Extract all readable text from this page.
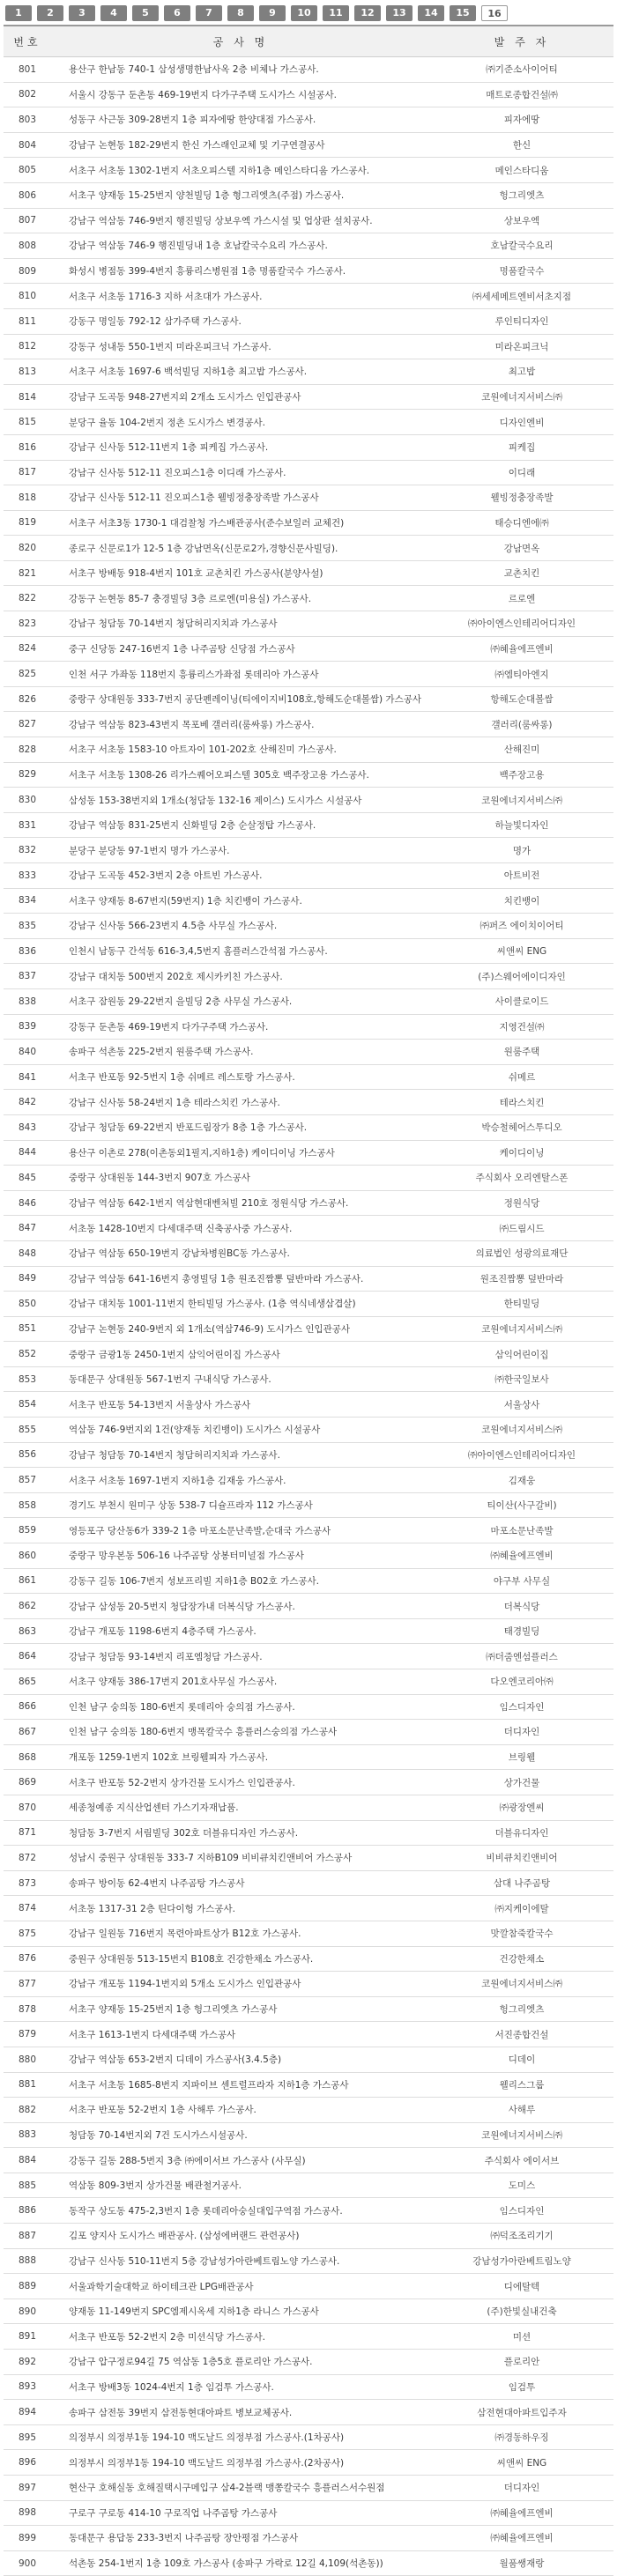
1	2	3	4	5	6	7	8	9	10	11	12	13	14	15	16
번호	공 사 명	발 주 자
801	용산구 한남동 740-1 삼성생명한남사옥 2층 비체나 가스공사.	㈜기준소사이어티
802	서울시 강동구 둔촌동 469-19번지 다가구주택 도시가스 시설공사.	매트로종합건설㈜
803	성동구 사근동 309-28번지 1층 피자에땅 한양대점 가스공사.	피자에땅
804	강남구 논현동 182-29번지 한신 가스래인교체 및 기구연결공사	한신
805	서초구 서초동 1302-1번지 서초오피스텔 지하1층 메인스타디움 가스공사.	메인스타디움
806	서초구 양재동 15-25번지 양천빌딩 1층 형그리엣츠(주점) 가스공사.	헝그리엣츠
807	강남구 역삼동 746-9번지 행진빌딩 상보우엑 가스시설 및 업상판 설치공사.	상보우엑
808	강남구 역삼동 746-9 행진빌딩내 1층 호남칼국수요리 가스공사.	호남칼국수요리
809	화성시 병점동 399-4번지 흥륭리스병원점 1층 명품칼국수 가스공사.	명품칼국수
810	서초구 서초동 1716-3 지하 서초대가 가스공사.	㈜세세메트엔비서초지점
811	강동구 명일동 792-12 삼가주택 가스공사.	루인티디자인
812	강동구 성내동 550-1번지 미라온피크닉 가스공사.	미라온피크닉
813	서초구 서초동 1697-6 백석빌딩 지하1층 최고밥 가스공사.	최고밥
814	강남구 도곡동 948-27번지외 2개소 도시가스 인입관공사	코원에너지서비스㈜
815	분당구 율동 104-2번지 정촌 도시가스 변경공사.	디자인엔비
816	강남구 신사동 512-11번지 1층 피케집 가스공사.	피케집
817	강남구 신사동 512-11 진오피스1층 이디래 가스공사.	이디래
818	강남구 신사동 512-11 진오피스1층 웰빙정충장족발 가스공사	웰빙정충장족발
819	서초구 서초3동 1730-1 대검찰청 가스배관공사(준수보일러 교체건)	태승디엔에㈜
820	종로구 신문로1가 12-5 1층 강남면옥(신문로2가,경향신문사빌딩).	강남면옥
821	서초구 방배동 918-4번지 101호 교촌치킨 가스공사(분양사설)	교촌치킨
822	강동구 논현동 85-7 충경빌딩 3층 르로엔(미용실) 가스공사.	르로엔
823	강남구 청담동 70-14번지 청담허리지치과 가스공사	㈜아이엔스인테리어디자인
824	중구 신당동 247-16번지 1층 나주곰탕 신당점 가스공사	㈜혜율에프엔비
825	인천 서구 가좌동 118번지 흥륭리스가좌점 롯데리아 가스공사	㈜엠티아엔지
826	중랑구 상대원동 333-7번지 공단펜레이닝(티에이지비108호,항해도순대볼쌈) 가스공사	항해도순대볼쌈
827	강남구 역삼동 823-43번지 목포베 갤러리(룸싸롱) 가스공사.	갤러리(룸싸롱)
828	서초구 서초동 1583-10 아트자이 101-202호 산해진미 가스공사.	산해진미
829	서초구 서초동 1308-26 리가스퀘어오피스텔 305호 백주장고용 가스공사.	백주장고용
830	삼성동 153-38번지외 1개소(청담동 132-16 제이스) 도시가스 시설공사	코원에너지서비스㈜
831	강남구 역삼동 831-25번지 신화빌딩 2층 순살정탑 가스공사.	하늘빛디자인
832	분당구 분당동 97-1번지 명가 가스공사.	명가
833	강남구 도곡동 452-3번지 2층 아트빈 가스공사.	아트비전
834	서초구 양재동 8-67번지(59번지) 1층 치킨뱅이 가스공사.	치킨뱅이
835	강남구 신사동 566-23번지 4.5층 사무실 가스공사.	㈜퍼즈 에이치이어티
836	인천시 남동구 간석동 616-3,4,5번지 홈플러스간석점 가스공사.	씨앤씨 ENG
837	강남구 대치동 500번지 202호 제시카키친 가스공사.	(주)스웨어에이디자인
838	서초구 잠원동 29-22번지 을빌딩 2층 사무실 가스공사.	사이클로이드
839	강동구 둔촌동 469-19번지 다가구주택 가스공사.	지영건설㈜
840	송파구 석촌동 225-2번지 원룸주택 가스공사.	원룸주택
841	서초구 반포동 92-5번지 1층 쉬메르 레스토랑 가스공사.	쉬메르
842	강남구 신사동 58-24번지 1층 테라스치킨 가스공사.	테라스치킨
843	강남구 청담동 69-22번지 반포드림장가 8층 1층 가스공사.	박승철헤어스투디오
844	용산구 이촌로 278(이촌동외1필지,지하1층) 케이디이닝 가스공사	케이디이닝
845	중랑구 상대원동 144-3번지 907호 가스공사	주식회사 오리엔탈스폰
846	강남구 역삼동 642-1번지 역삼현대벤처빌 210호 정원식당 가스공사.	정원식당
847	서초동 1428-10번지 다세대주택 신축공사중 가스공사.	㈜드림시드
848	강남구 역삼동 650-19번지 강남차병원BC동 가스공사.	의료법인 성광의료재단
849	강남구 역삼동 641-16번지 총영빌딩 1층 원조진짬뽕 덮반마라 가스공사.	원조진짬뽕 덮반마라
850	강남구 대치동 1001-11번지 한티빌딩 가스공사. (1층 역식네생삼겹살)	한티빌딩
851	강남구 논현동 240-9번지 외 1개소(역삼746-9) 도시가스 인입관공사	코원에너지서비스㈜
852	중랑구 금광1동 2450-1번지 삼익어린이집 가스공사	삼익어린이집
853	동대문구 상대원동 567-1번지 구내식당 가스공사.	㈜한국일보사
854	서초구 반포동 54-13번지 서울상사 가스공사	서울상사
855	역삼동 746-9번지외 1건(양재동 치킨뱅이) 도시가스 시설공사	코원에너지서비스㈜
856	강남구 청담동 70-14번지 청담허리지치과 가스공사.	㈜아이엔스인테리어디자인
857	서초구 서초동 1697-1번지 지하1층 김재웅 가스공사.	김재웅
858	경기도 부천시 원미구 상동 538-7 디슐프라자 112 가스공사	티이산(사구갈비)
859	영등포구 당산동6가 339-2 1층 마포소문난족발,순대국 가스공사	마포소문난족발
860	중랑구 망우본동 506-16 나주곰탕 상봉터미널점 가스공사	㈜혜율에프엔비
861	강동구 길동 106-7번지 성보프리빌 지하1층 B02호 가스공사.	야구부 사무실
862	강남구 삼성동 20-5번지 청담장가내 더복식당 가스공사.	더복식당
863	강남구 개포동 1198-6번지 4층주택 가스공사.	태경빌딩
864	강남구 청담동 93-14번지 리포엠청담 가스공사.	㈜더줌엔섬플러스
865	서초구 양재동 386-17번지 201호사무실 가스공사.	다오엔코리아㈜
866	인천 남구 숭의동 180-6번지 롯데리아 숭의점 가스공사.	임스디자인
867	인천 남구 숭의동 180-6번지 맹목칼국수 흥플러스숭의점 가스공사	더디자인
868	개포동 1259-1번지 102호 브링웰피자 가스공사.	브링웰
869	서초구 반포동 52-2번지 상가건물 도시가스 인입관공사.	상가건물
870	세종청예종 지식산업센터 가스기자재납품.	㈜광장엔씨
871	청담동 3-7번지 서림빌딩 302호 더블유디자인 가스공사.	더블유디자인
872	성남시 중원구 상대원동 333-7 지하B109 비비큐치킨앤비어 가스공사	비비큐치킨앤비어
873	송파구 방이동 62-4번지 나주곰탕 가스공사	삼대 나주곰탕
874	서초동 1317-31 2층 틴다이헝 가스공사.	㈜지케이에탈
875	강남구 일원동 716번지 목련아파트상가 B12호 가스공사.	맛깔참죽칼국수
876	중원구 상대원동 513-15번지 B108호 건강한채소 가스공사.	건강한채소
877	강남구 개포동 1194-1번지외 5개소 도시가스 인입관공사	코원에너지서비스㈜
878	서초구 양재동 15-25번지 1층 헝그리엣츠 가스공사	헝그리엣츠
879	서초구 1613-1번지 다세대주택 가스공사	서진종합건설
880	강남구 역삼동 653-2번지 디데이 가스공사(3.4.5층)	디데이
881	서초구 서초동 1685-8번지 지파이브 센트럴프라자 지하1층 가스공사	웰리스그룹
882	서초구 반포동 52-2번지 1층 사해루 가스공사.	사해루
883	청담동 70-14번지외 7건 도시가스시설공사.	코원에너지서비스㈜
884	강동구 길동 288-5번지 3층 ㈜에이서브 가스공사 (사무실)	주식회사 에이서브
885	역삼동 809-3번지 상가건물 배관철거공사.	도미스
886	동작구 상도동 475-2,3번지 1층 롯데리아숭실대입구역점 가스공사.	임스디자인
887	김포 양지사 도시가스 배관공사. (삼성에버랜드 관련공사)	㈜덕조조리기기
888	강남구 신사동 510-11번지 5층 강남성가아란베트림노양 가스공사.	강남성가아란베트림노양
889	서울과학기술대학교 하이테크관 LPG배관공사	디에탈텍
890	양재동 11-149번지 SPC엠제시옥세 지하1층 라니스 가스공사	(주)한빛실내건축
891	서초구 반포동 52-2번지 2층 미션식당 가스공사.	미션
892	강남구 압구정로94길 75 역삼동 1층5호 플로리안 가스공사.	플로리안
893	서초구 방배3동 1024-4번지 1층 임검투 가스공사.	임검투
894	송파구 삼전동 39번지 삼전동현대아파트 병보교체공사.	삼전현대아파트입주자
895	의정부시 의정부1동 194-10 맥도날드 의정부점 가스공사.(1차공사)	㈜경동하우징
896	의정부시 의정부1동 194-10 맥도날드 의정부점 가스공사.(2차공사)	씨앤씨 ENG
897	현산구 호해실동 호해질택시구메입구 삼4-2블랙 맹쫑칼국수 흥플러스서수원점	더디자인
898	구로구 구로동 414-10 구로직업 나주곰탕 가스공사	㈜혜율에프엔비
899	동대문구 용답동 233-3번지 나주곰탕 장안평점 가스공사	㈜혜율에프엔비
900	석촌동 254-1번지 1층 109호 가스공사 (송파구 가락로 12길 4,109(석촌동))	월품쌩재랑
